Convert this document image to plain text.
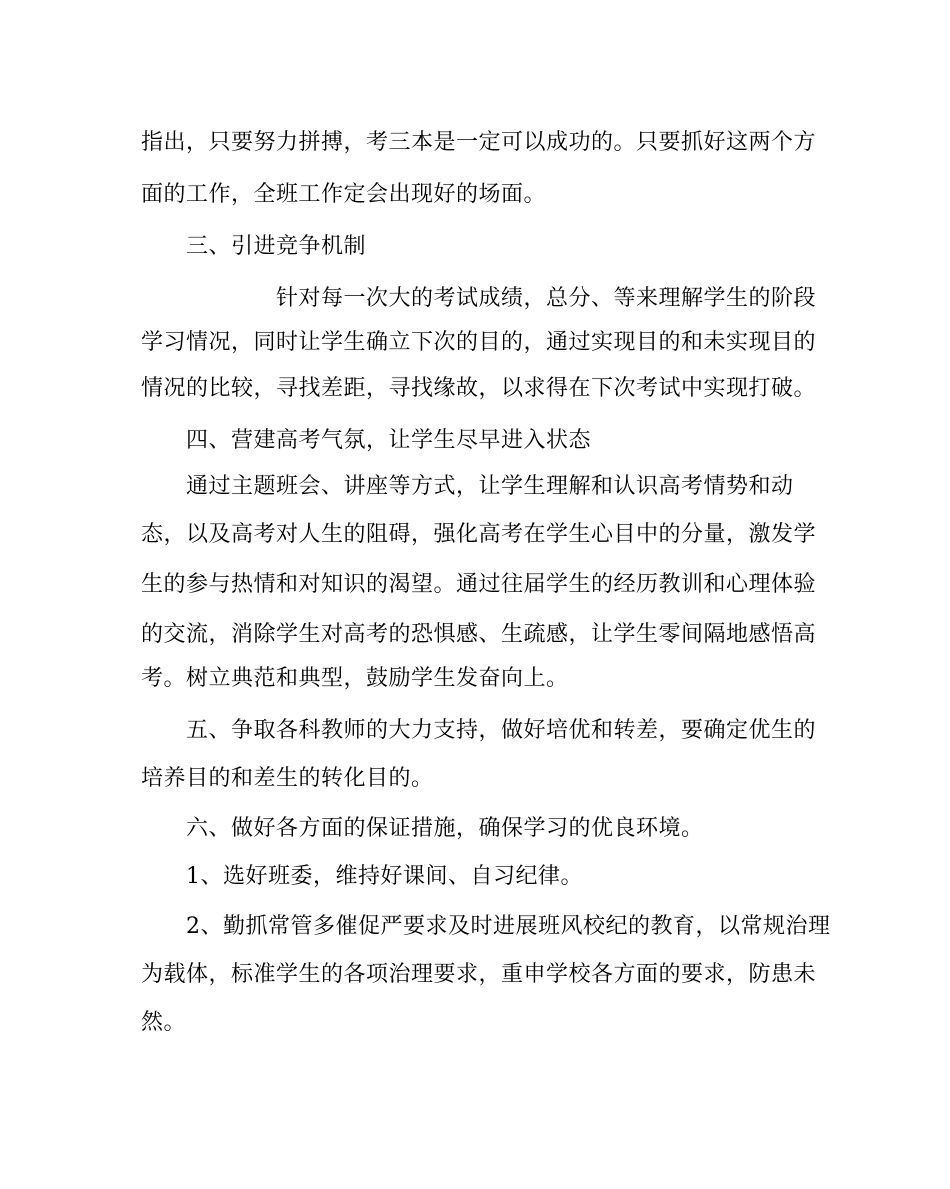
指出，只要努力拼搏，考三本是一定可以成功的。只要抓好这两个方
面的工作，全班工作定会出现好的场面。
三、引进竞争机制
针对每一次大的考试成绩，总分、等来理解学生的阶段
学习情况，同时让学生确立下次的目的，通过实现目的和未实现目的
情况的比较，寻找差距，寻找缘故，以求得在下次考试中实现打破。
四、营建高考气氛，让学生尽早进入状态
通过主题班会、讲座等方式，让学生理解和认识高考情势和动
态，以及高考对人生的阻碍，强化高考在学生心目中的分量，激发学
生的参与热情和对知识的渴望。通过往届学生的经历教训和心理体验
的交流，消除学生对高考的恐惧感、生疏感，让学生零间隔地感悟高
考。树立典范和典型，鼓励学生发奋向上。
五、争取各科教师的大力支持，做好培优和转差，要确定优生的
培养目的和差生的转化目的。
六、做好各方面的保证措施，确保学习的优良环境。
1、选好班委，维持好课间、自习纪律。
2、勤抓常管多催促严要求及时进展班风校纪的教育，以常规治理
为载体，标准学生的各项治理要求，重申学校各方面的要求，防患未
然。
